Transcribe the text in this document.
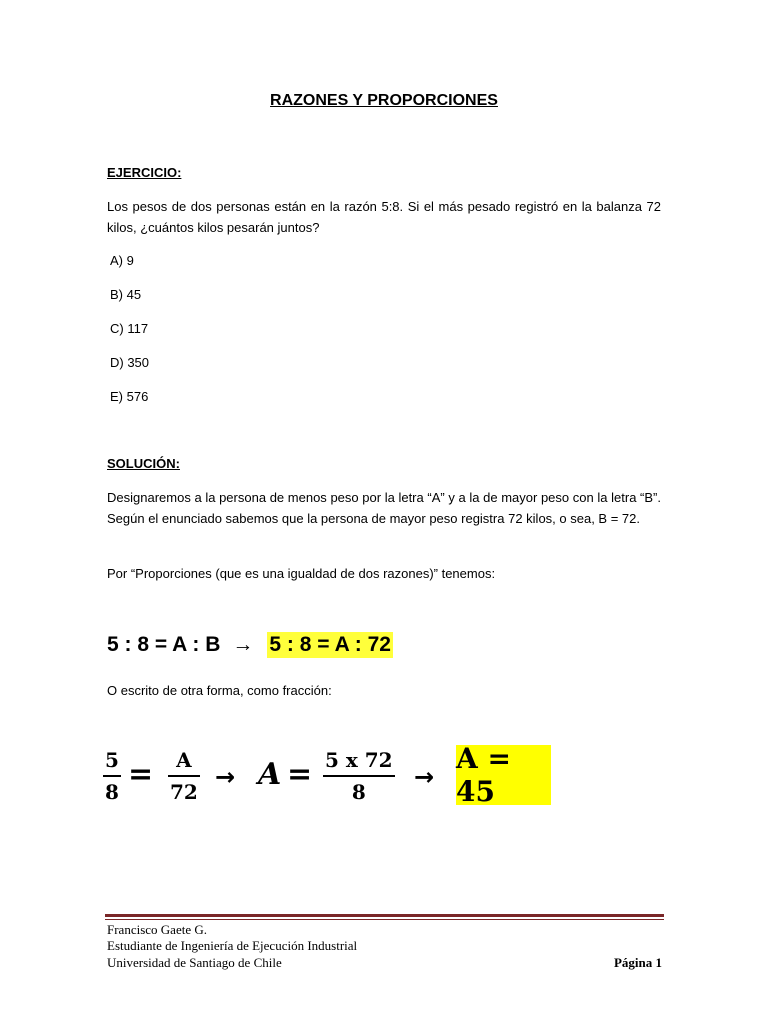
RAZONES Y PROPORCIONES
EJERCICIO:
Los pesos de dos personas están en la razón 5:8. Si el más pesado registró en la balanza 72 kilos, ¿cuántos kilos pesarán juntos?
A) 9
B) 45
C) 117
D) 350
E) 576
SOLUCIÓN:
Designaremos a la persona de menos peso por la letra “A” y a la de mayor peso con la letra “B”. Según el enunciado sabemos que la persona de mayor peso registra 72 kilos, o sea, B = 72.
Por “Proporciones (que es una igualdad de dos razones)” tenemos:
5 : 8 = A : B → 5 : 8 = A : 72
O escrito de otra forma, como fracción:
5
8 = A
72
→ A = 5 x 72
8
→
A = 45
Francisco Gaete G.
Estudiante de Ingeniería de Ejecución Industrial
Universidad de Santiago de Chile	Página 1
